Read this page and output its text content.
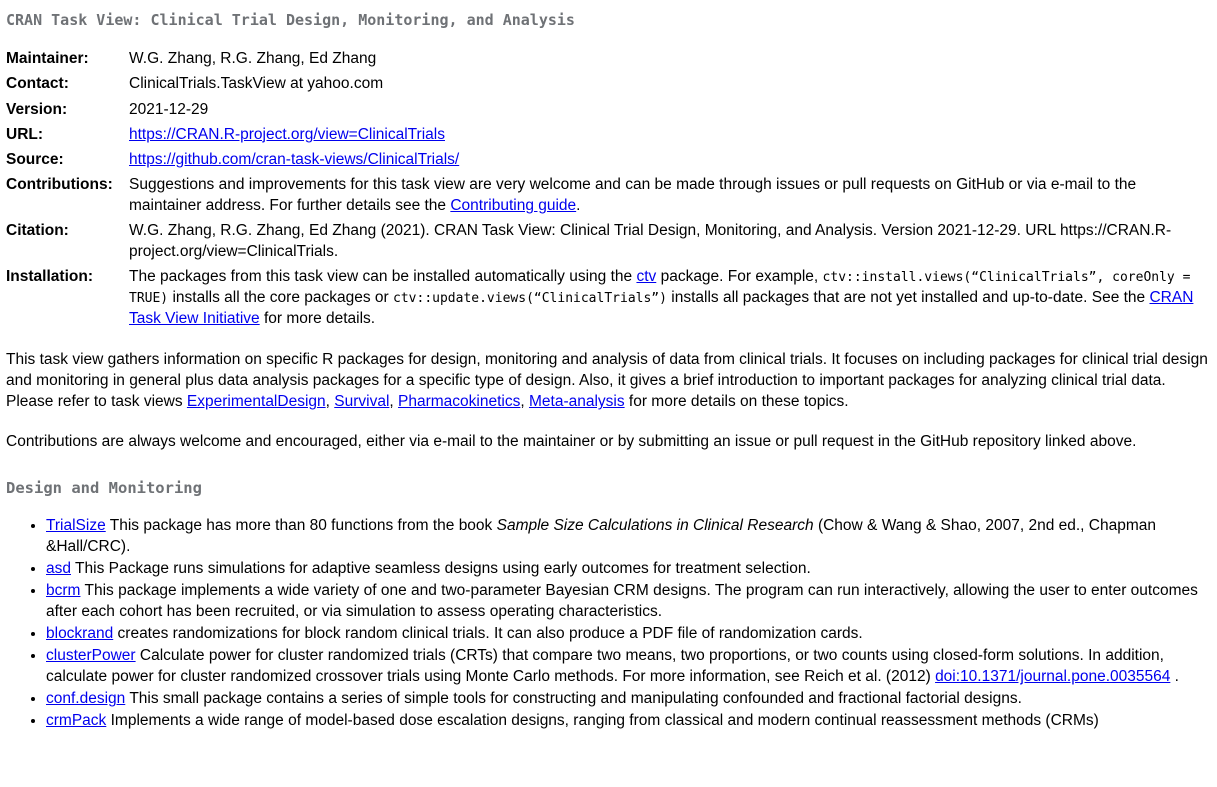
CRAN Task View: Clinical Trial Design, Monitoring, and Analysis
Maintainer:	W.G. Zhang, R.G. Zhang, Ed Zhang
Contact:	ClinicalTrials.TaskView at yahoo.com
Version:	2021-12-29
URL:	https://CRAN.R-project.org/view=ClinicalTrials
Source:	https://github.com/cran-task-views/ClinicalTrials/
Contributions:	Suggestions and improvements for this task view are very welcome and can be made through issues or pull requests on GitHub or via e-mail to the maintainer address. For further details see the Contributing guide.
Citation:	W.G. Zhang, R.G. Zhang, Ed Zhang (2021). CRAN Task View: Clinical Trial Design, Monitoring, and Analysis. Version 2021-12-29. URL https://CRAN.R-project.org/view=ClinicalTrials.
Installation:	The packages from this task view can be installed automatically using the ctv package. For example, ctv::install.views(“ClinicalTrials”, coreOnly = TRUE) installs all the core packages or ctv::update.views(“ClinicalTrials”) installs all packages that are not yet installed and up-to-date. See the CRAN Task View Initiative for more details.

This task view gathers information on specific R packages for design, monitoring and analysis of data from clinical trials. It focuses on including packages for clinical trial design and monitoring in general plus data analysis packages for a specific type of design. Also, it gives a brief introduction to important packages for analyzing clinical trial data. Please refer to task views ExperimentalDesign, Survival, Pharmacokinetics, Meta-analysis for more details on these topics.

Contributions are always welcome and encouraged, either via e-mail to the maintainer or by submitting an issue or pull request in the GitHub repository linked above.

Design and Monitoring
• TrialSize This package has more than 80 functions from the book Sample Size Calculations in Clinical Research (Chow & Wang & Shao, 2007, 2nd ed., Chapman &Hall/CRC).
• asd This Package runs simulations for adaptive seamless designs using early outcomes for treatment selection.
• bcrm This package implements a wide variety of one and two-parameter Bayesian CRM designs. The program can run interactively, allowing the user to enter outcomes after each cohort has been recruited, or via simulation to assess operating characteristics.
• blockrand creates randomizations for block random clinical trials. It can also produce a PDF file of randomization cards.
• clusterPower Calculate power for cluster randomized trials (CRTs) that compare two means, two proportions, or two counts using closed-form solutions. In addition, calculate power for cluster randomized crossover trials using Monte Carlo methods. For more information, see Reich et al. (2012) doi:10.1371/journal.pone.0035564 .
• conf.design This small package contains a series of simple tools for constructing and manipulating confounded and fractional factorial designs.
• crmPack Implements a wide range of model-based dose escalation designs, ranging from classical and modern continual reassessment methods (CRMs)
